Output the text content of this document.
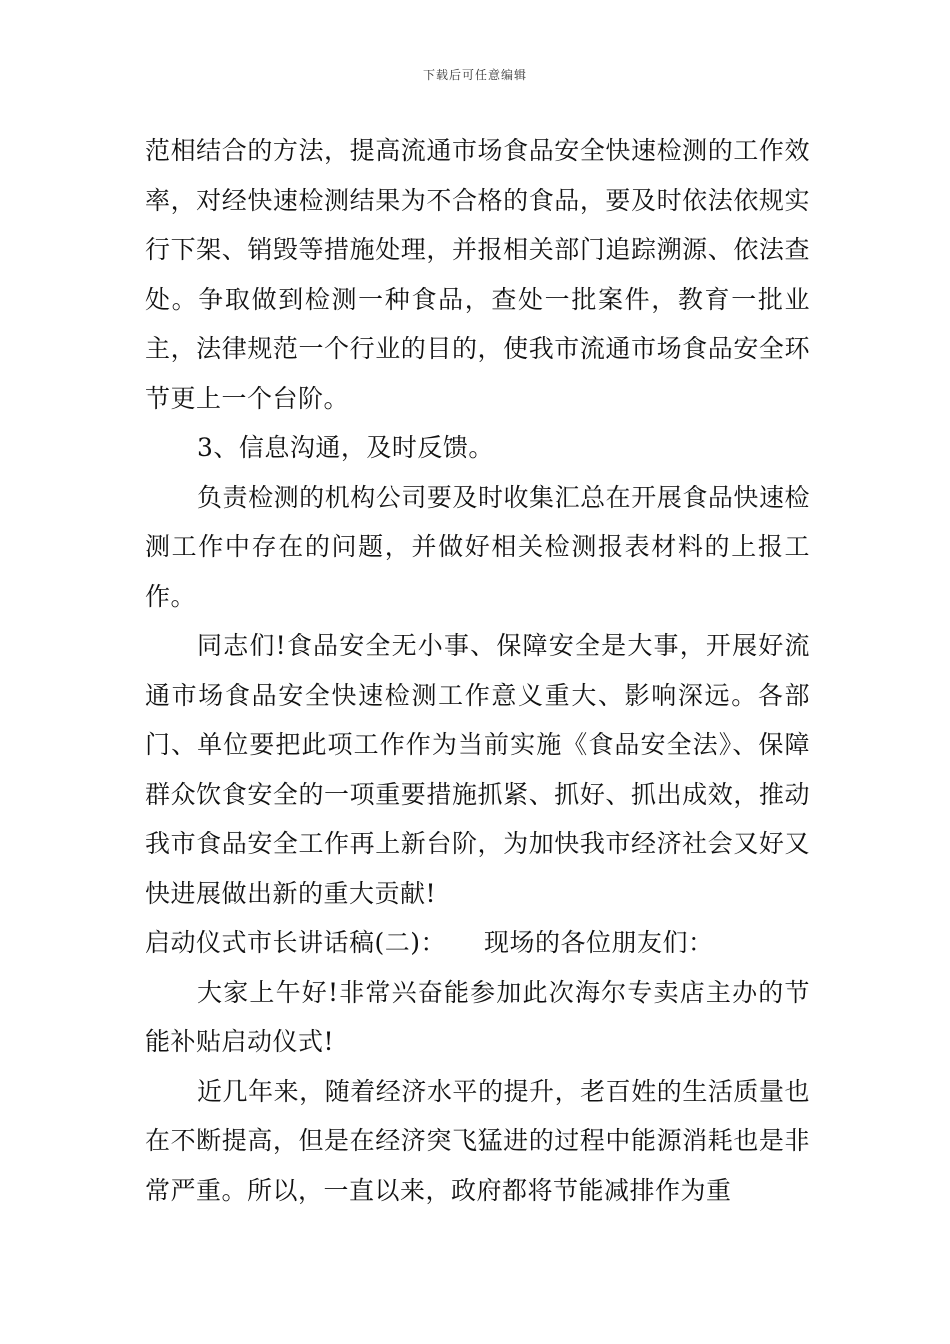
下载后可任意编辑

范相结合的方法，提高流通市场食品安全快速检测的工作效率，对经快速检测结果为不合格的食品，要及时依法依规实行下架、销毁等措施处理，并报相关部门追踪溯源、依法查处。争取做到检测一种食品，查处一批案件，教育一批业主，法律规范一个行业的目的，使我市流通市场食品安全环节更上一个台阶。

3、信息沟通，及时反馈。

负责检测的机构公司要及时收集汇总在开展食品快速检测工作中存在的问题，并做好相关检测报表材料的上报工作。

同志们!食品安全无小事、保障安全是大事，开展好流通市场食品安全快速检测工作意义重大、影响深远。各部门、单位要把此项工作作为当前实施《食品安全法》、保障群众饮食安全的一项重要措施抓紧、抓好、抓出成效，推动我市食品安全工作再上新台阶，为加快我市经济社会又好又快进展做出新的重大贡献!

启动仪式市长讲话稿(二)： 现场的各位朋友们：

大家上午好!非常兴奋能参加此次海尔专卖店主办的节能补贴启动仪式!

近几年来，随着经济水平的提升，老百姓的生活质量也在不断提高，但是在经济突飞猛进的过程中能源消耗也是非常严重。所以，一直以来，政府都将节能减排作为重
